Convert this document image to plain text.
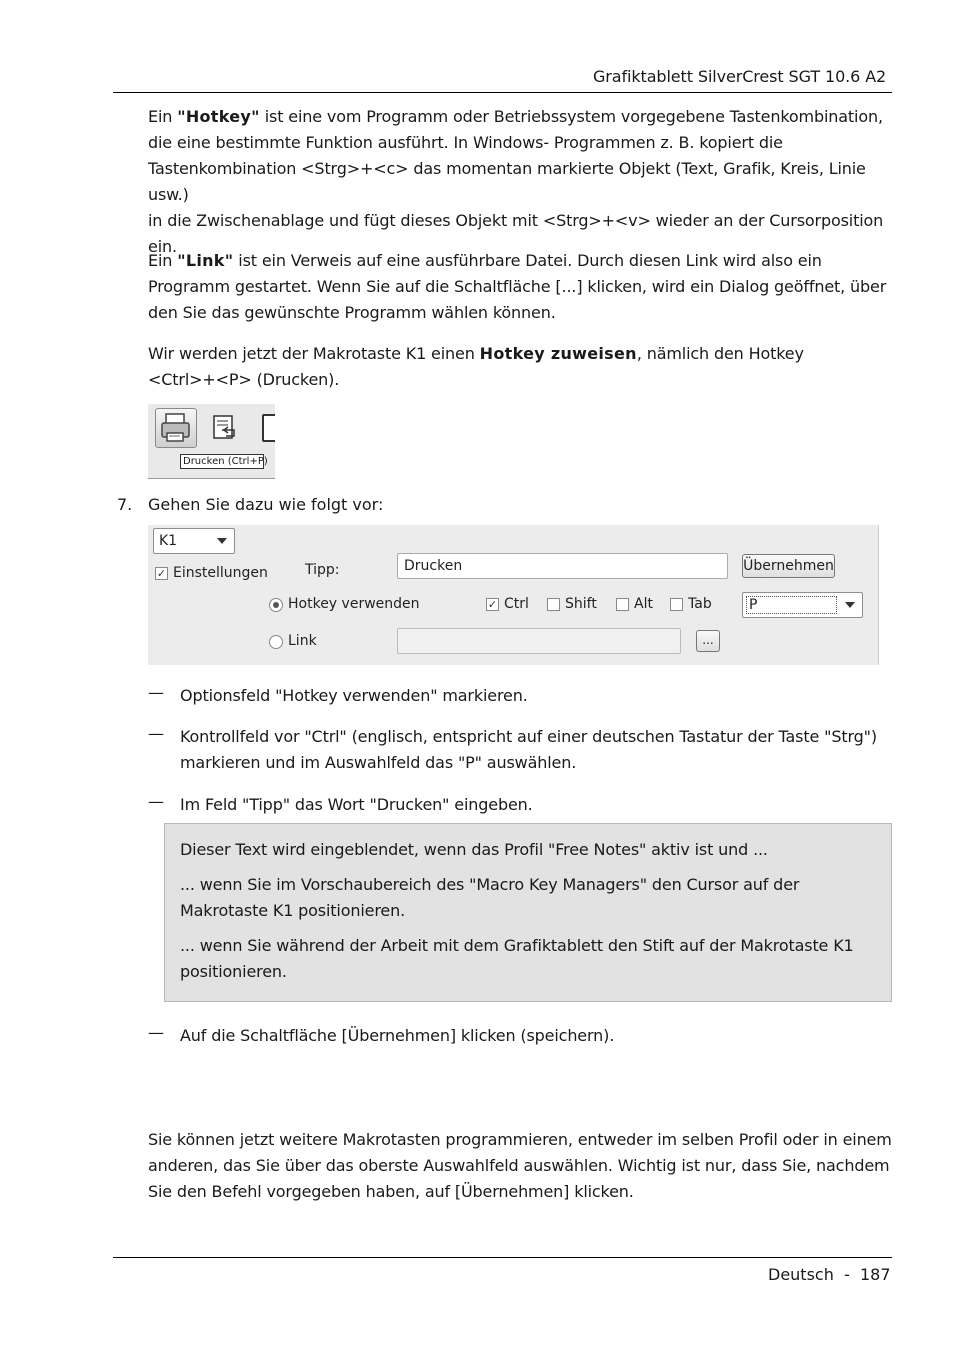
Grafiktablett SilverCrest SGT 10.6 A2
Ein "Hotkey" ist eine vom Programm oder Betriebssystem vorgegebene Tastenkombination,
die eine bestimmte Funktion ausführt. In Windows- Programmen z. B. kopiert die
Tastenkombination <Strg>+<c> das momentan markierte Objekt (Text, Grafik, Kreis, Linie usw.)
in die Zwischenablage und fügt dieses Objekt mit <Strg>+<v> wieder an der Cursorposition
ein.
Ein "Link" ist ein Verweis auf eine ausführbare Datei. Durch diesen Link wird also ein
Programm gestartet. Wenn Sie auf die Schaltfläche [...] klicken, wird ein Dialog geöffnet, über
den Sie das gewünschte Programm wählen können.
Wir werden jetzt der Makrotaste K1 einen Hotkey zuweisen, nämlich den Hotkey
<Ctrl>+<P> (Drucken).
Drucken (Ctrl+P)
7. Gehen Sie dazu wie folgt vor:
K1
✓ Einstellungen	Tipp:	Drucken	Übernehmen
Hotkey verwenden	✓ Ctrl	Shift	Alt	Tab	P
Link	...
— Optionsfeld "Hotkey verwenden" markieren.
— Kontrollfeld vor "Ctrl" (englisch, entspricht auf einer deutschen Tastatur der Taste "Strg")
markieren und im Auswahlfeld das "P" auswählen.
— Im Feld "Tipp" das Wort "Drucken" eingeben.
Dieser Text wird eingeblendet, wenn das Profil "Free Notes" aktiv ist und ...
... wenn Sie im Vorschaubereich des "Macro Key Managers" den Cursor auf der
Makrotaste K1 positionieren.
... wenn Sie während der Arbeit mit dem Grafiktablett den Stift auf der Makrotaste K1
positionieren.
— Auf die Schaltfläche [Übernehmen] klicken (speichern).
Sie können jetzt weitere Makrotasten programmieren, entweder im selben Profil oder in einem
anderen, das Sie über das oberste Auswahlfeld auswählen. Wichtig ist nur, dass Sie, nachdem
Sie den Befehl vorgegeben haben, auf [Übernehmen] klicken.
Deutsch  -  187
